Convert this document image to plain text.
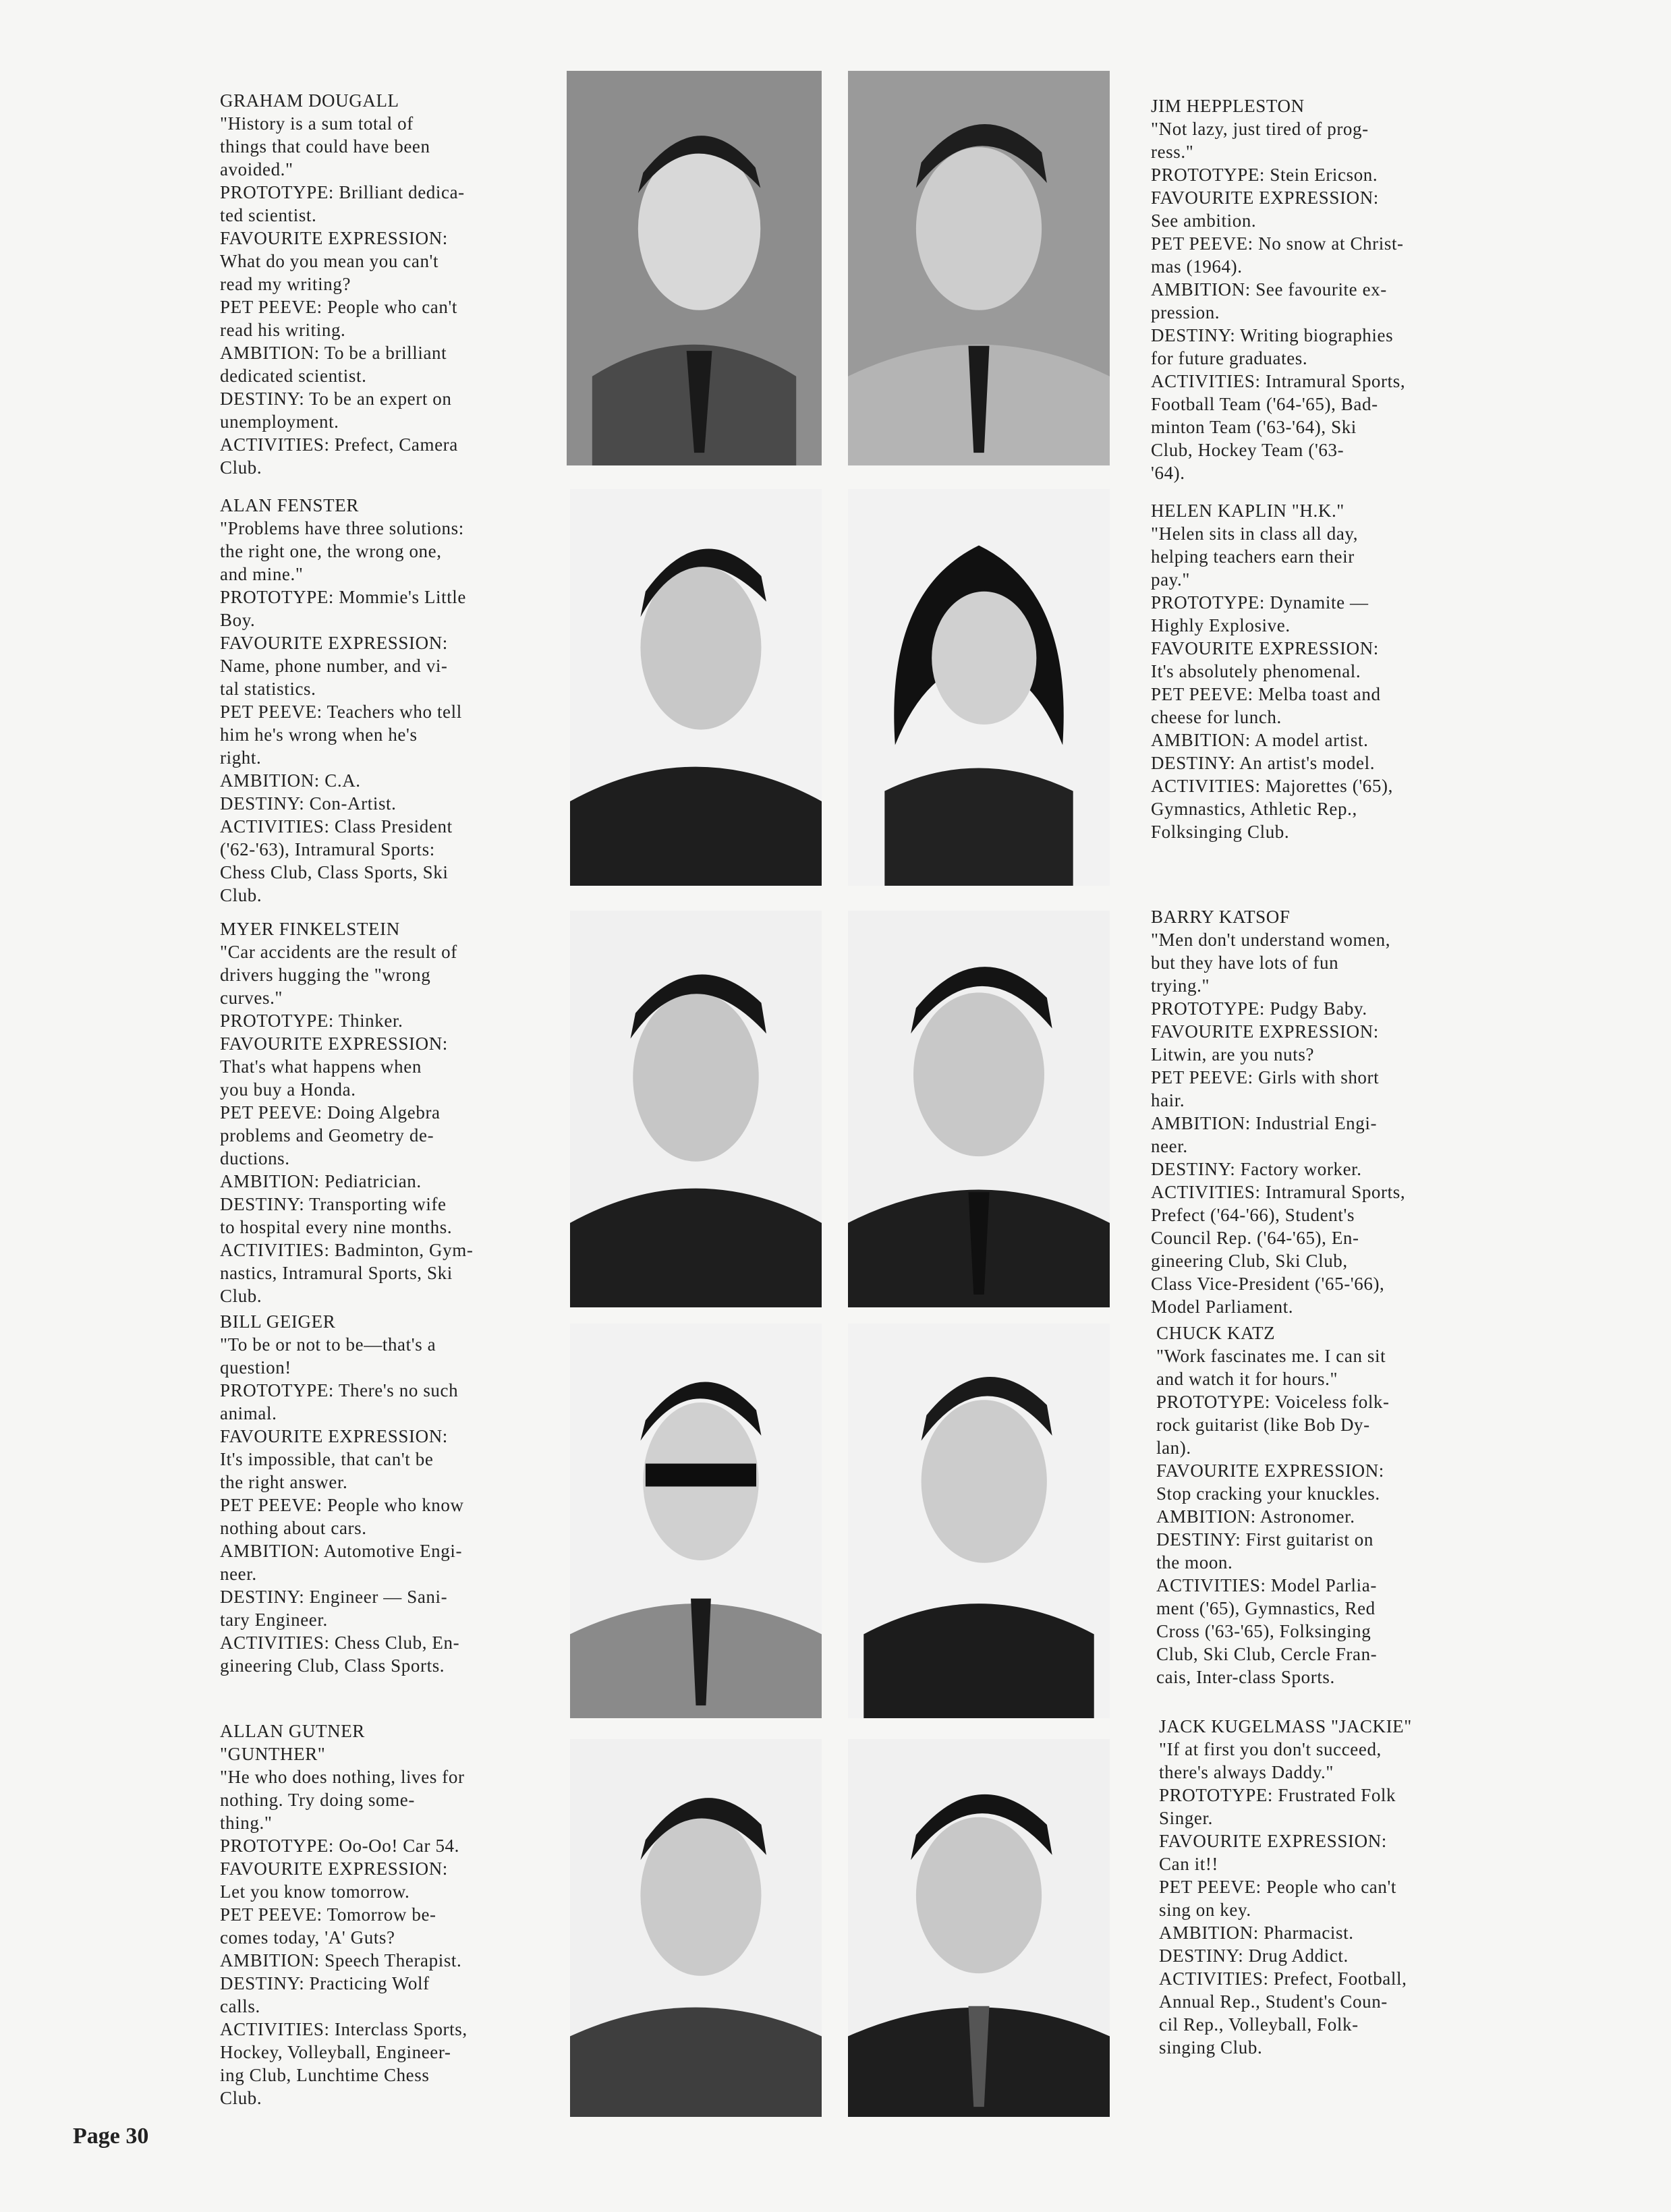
GRAHAM DOUGALL
"History is a sum total of
things that could have been
avoided."
PROTOTYPE: Brilliant dedica-
ted scientist.
FAVOURITE EXPRESSION:
What do you mean you can't
read my writing?
PET PEEVE: People who can't
read his writing.
AMBITION: To be a brilliant
dedicated scientist.
DESTINY: To be an expert on
unemployment.
ACTIVITIES: Prefect, Camera
Club.

ALAN FENSTER
"Problems have three solutions:
the right one, the wrong one,
and mine."
PROTOTYPE: Mommie's Little
Boy.
FAVOURITE EXPRESSION:
Name, phone number, and vi-
tal statistics.
PET PEEVE: Teachers who tell
him he's wrong when he's
right.
AMBITION: C.A.
DESTINY: Con-Artist.
ACTIVITIES: Class President
('62-'63), Intramural Sports:
Chess Club, Class Sports, Ski
Club.

MYER FINKELSTEIN
"Car accidents are the result of
drivers hugging the "wrong
curves."
PROTOTYPE: Thinker.
FAVOURITE EXPRESSION:
That's what happens when
you buy a Honda.
PET PEEVE: Doing Algebra
problems and Geometry de-
ductions.
AMBITION: Pediatrician.
DESTINY: Transporting wife
to hospital every nine months.
ACTIVITIES: Badminton, Gym-
nastics, Intramural Sports, Ski
Club.

BILL GEIGER
"To be or not to be—that's a
question!
PROTOTYPE: There's no such
animal.
FAVOURITE EXPRESSION:
It's impossible, that can't be
the right answer.
PET PEEVE: People who know
nothing about cars.
AMBITION: Automotive Engi-
neer.
DESTINY: Engineer — Sani-
tary Engineer.
ACTIVITIES: Chess Club, En-
gineering Club, Class Sports.

ALLAN GUTNER
"GUNTHER"
"He who does nothing, lives for
nothing. Try doing some-
thing."
PROTOTYPE: Oo-Oo! Car 54.
FAVOURITE EXPRESSION:
Let you know tomorrow.
PET PEEVE: Tomorrow be-
comes today, 'A' Guts?
AMBITION: Speech Therapist.
DESTINY: Practicing Wolf
calls.
ACTIVITIES: Interclass Sports,
Hockey, Volleyball, Engineer-
ing Club, Lunchtime Chess
Club.

JIM HEPPLESTON
"Not lazy, just tired of prog-
ress."
PROTOTYPE: Stein Ericson.
FAVOURITE EXPRESSION:
See ambition.
PET PEEVE: No snow at Christ-
mas (1964).
AMBITION: See favourite ex-
pression.
DESTINY: Writing biographies
for future graduates.
ACTIVITIES: Intramural Sports,
Football Team ('64-'65), Bad-
minton Team ('63-'64), Ski
Club, Hockey Team ('63-
'64).

HELEN KAPLIN "H.K."
"Helen sits in class all day,
helping teachers earn their
pay."
PROTOTYPE: Dynamite —
Highly Explosive.
FAVOURITE EXPRESSION:
It's absolutely phenomenal.
PET PEEVE: Melba toast and
cheese for lunch.
AMBITION: A model artist.
DESTINY: An artist's model.
ACTIVITIES: Majorettes ('65),
Gymnastics, Athletic Rep.,
Folksinging Club.

BARRY KATSOF
"Men don't understand women,
but they have lots of fun
trying."
PROTOTYPE: Pudgy Baby.
FAVOURITE EXPRESSION:
Litwin, are you nuts?
PET PEEVE: Girls with short
hair.
AMBITION: Industrial Engi-
neer.
DESTINY: Factory worker.
ACTIVITIES: Intramural Sports,
Prefect ('64-'66), Student's
Council Rep. ('64-'65), En-
gineering Club, Ski Club,
Class Vice-President ('65-'66),
Model Parliament.

CHUCK KATZ
"Work fascinates me. I can sit
and watch it for hours."
PROTOTYPE: Voiceless folk-
rock guitarist (like Bob Dy-
lan).
FAVOURITE EXPRESSION:
Stop cracking your knuckles.
AMBITION: Astronomer.
DESTINY: First guitarist on
the moon.
ACTIVITIES: Model Parlia-
ment ('65), Gymnastics, Red
Cross ('63-'65), Folksinging
Club, Ski Club, Cercle Fran-
cais, Inter-class Sports.

JACK KUGELMASS "JACKIE"
"If at first you don't succeed,
there's always Daddy."
PROTOTYPE: Frustrated Folk
Singer.
FAVOURITE EXPRESSION:
Can it!!
PET PEEVE: People who can't
sing on key.
AMBITION: Pharmacist.
DESTINY: Drug Addict.
ACTIVITIES: Prefect, Football,
Annual Rep., Student's Coun-
cil Rep., Volleyball, Folk-
singing Club.

Page 30
